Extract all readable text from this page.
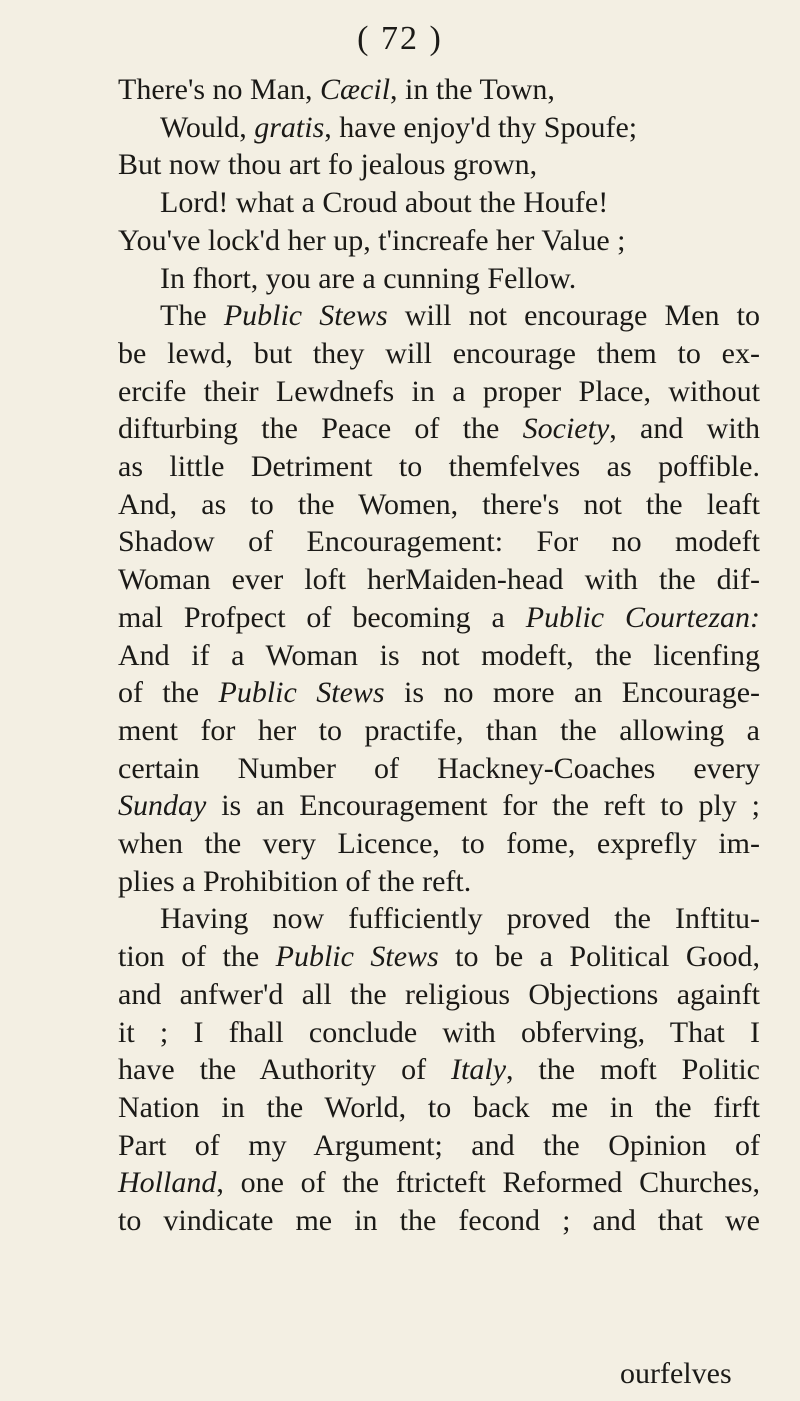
( 72 )
There's no Man, Cæcil, in the Town,
Would, gratis, have enjoy'd thy Spoufe;
But now thou art fo jealous grown,
Lord! what a Croud about the Houfe!
You've lock'd her up, t'increafe her Value ;
In fhort, you are a cunning Fellow.
The Public Stews will not encourage Men to
be lewd, but they will encourage them to ex-
ercife their Lewdnefs in a proper Place, without
difturbing the Peace of the Society, and with
as little Detriment to themfelves as poffible.
And, as to the Women, there's not the leaft
Shadow of Encouragement: For no modeft
Woman ever loft herMaiden-head with the dif-
mal Profpect of becoming a Public Courtezan:
And if a Woman is not modeft, the licenfing
of the Public Stews is no more an Encourage-
ment for her to practife, than the allowing a
certain Number of Hackney-Coaches every
Sunday is an Encouragement for the reft to ply ;
when the very Licence, to fome, exprefly im-
plies a Prohibition of the reft.
Having now fufficiently proved the Inftitu-
tion of the Public Stews to be a Political Good,
and anfwer'd all the religious Objections againft
it ; I fhall conclude with obferving, That I
have the Authority of Italy, the moft Politic
Nation in the World, to back me in the firft
Part of my Argument; and the Opinion of
Holland, one of the ftricteft Reformed Churches,
to vindicate me in the fecond ; and that we
ourfelves
